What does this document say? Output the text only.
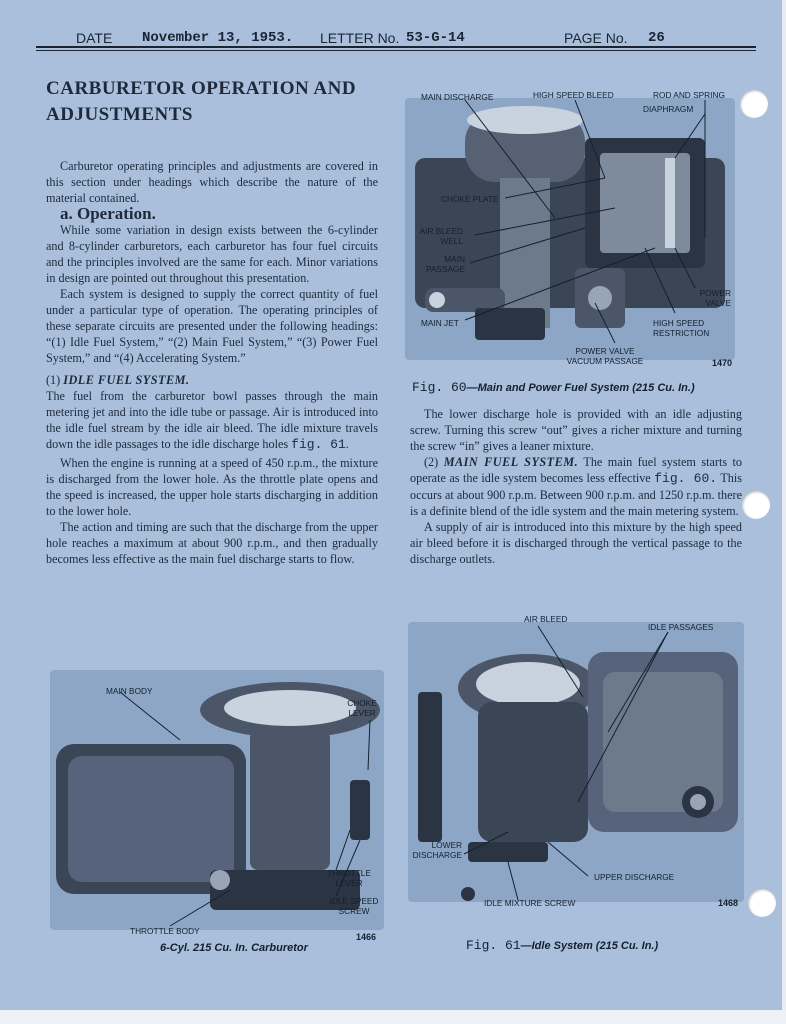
DATE November 13, 1953. LETTER No. 53-G-14	PAGE No. 26
CARBURETOR OPERATION AND
ADJUSTMENTS

Carburetor operating principles and adjustments are covered in this section under headings which describe the nature of the material contained.

a. Operation.

While some variation in design exists between the 6-cylinder and 8-cylinder carburetors, each carburetor has four fuel circuits and the principles involved are the same for each. Minor variations in design are pointed out throughout this presentation.

Each system is designed to supply the correct quantity of fuel under a particular type of operation. The operating principles of these separate circuits are presented under the following headings: “(1) Idle Fuel System,” “(2) Main Fuel System,” “(3) Power Fuel System,” and “(4) Accelerating System.”

(1) IDLE FUEL SYSTEM.

The fuel from the carburetor bowl passes through the main metering jet and into the idle tube or passage. Air is introduced into the idle fuel stream by the idle air bleed. The idle mixture travels down the idle passages to the idle discharge holes fig. 61.

When the engine is running at a speed of 450 r.p.m., the mixture is discharged from the lower hole. As the throttle plate opens and the speed is increased, the upper hole starts discharging in addition to the lower hole.

The action and timing are such that the discharge from the upper hole reaches a maximum at about 900 r.p.m., and then gradually becomes less effective as the main fuel discharge starts to flow.

The lower discharge hole is provided with an idle adjusting screw. Turning this screw “out” gives a richer mixture and turning the screw “in” gives a leaner mixture.

(2) MAIN FUEL SYSTEM. The main fuel system starts to operate as the idle system becomes less effective fig. 60. This occurs at about 900 r.p.m. Between 900 r.p.m. and 1250 r.p.m. there is a definite blend of the idle system and the main metering system.

A supply of air is introduced into this mixture by the high speed air bleed before it is discharged through the vertical passage to the discharge outlets.

MAIN DISCHARGE	HIGH SPEED BLEED	ROD AND SPRING
DIAPHRAGM
CHOKE PLATE
AIR BLEED
WELL
MAIN
PASSAGE
MAIN JET
POWER
VALVE
HIGH SPEED
RESTRICTION
POWER VALVE
VACUUM PASSAGE	1470
Fig. 60—Main and Power Fuel System (215 Cu. In.)
MAIN BODY
CHOKE
LEVER
THROTTLE
LEVER
IDLE SPEED
SCREW
THROTTLE BODY
1466
6-Cyl. 215 Cu. In. Carburetor
AIR BLEED
IDLE PASSAGES
LOWER
DISCHARGE
UPPER DISCHARGE
IDLE MIXTURE SCREW	1468
Fig. 61—Idle System (215 Cu. In.)
